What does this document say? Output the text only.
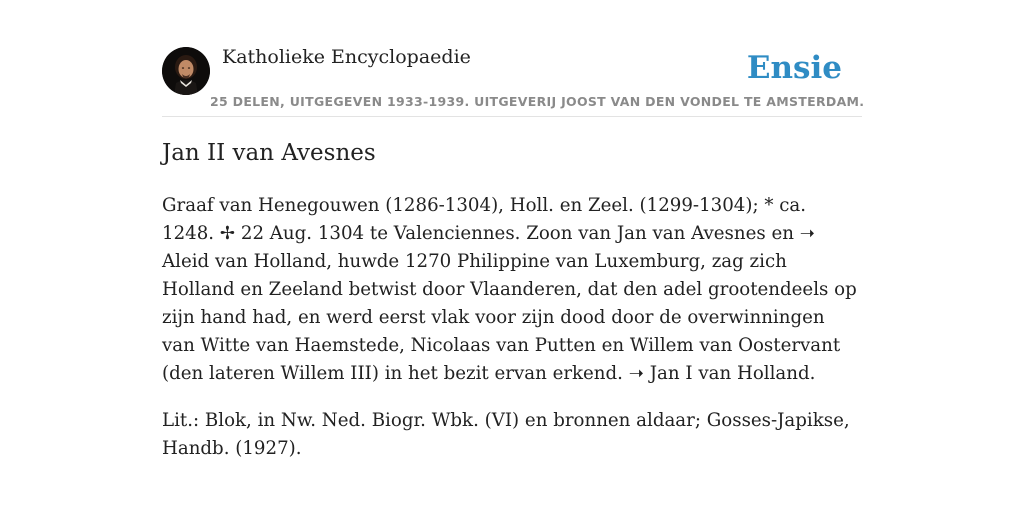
Katholieke Encyclopaedie
25 DELEN, UITGEGEVEN 1933-1939. UITGEVERIJ JOOST VAN DEN VONDEL TE AMSTERDAM.
Ensie
Jan II van Avesnes

Graaf van Henegouwen (1286-1304), Holl. en Zeel. (1299-1304); * ca. 1248. ✢ 22 Aug. 1304 te Valenciennes. Zoon van Jan van Avesnes en ➝ Aleid van Holland, huwde 1270 Philippine van Luxemburg, zag zich Holland en Zeeland betwist door Vlaanderen, dat den adel grootendeels op zijn hand had, en werd eerst vlak voor zijn dood door de overwinningen van Witte van Haemstede, Nicolaas van Putten en Willem van Oostervant (den lateren Willem III) in het bezit ervan erkend. ➝ Jan I van Holland.

Lit.: Blok, in Nw. Ned. Biogr. Wbk. (VI) en bronnen aldaar; Gosses-Japikse, Handb. (1927).
